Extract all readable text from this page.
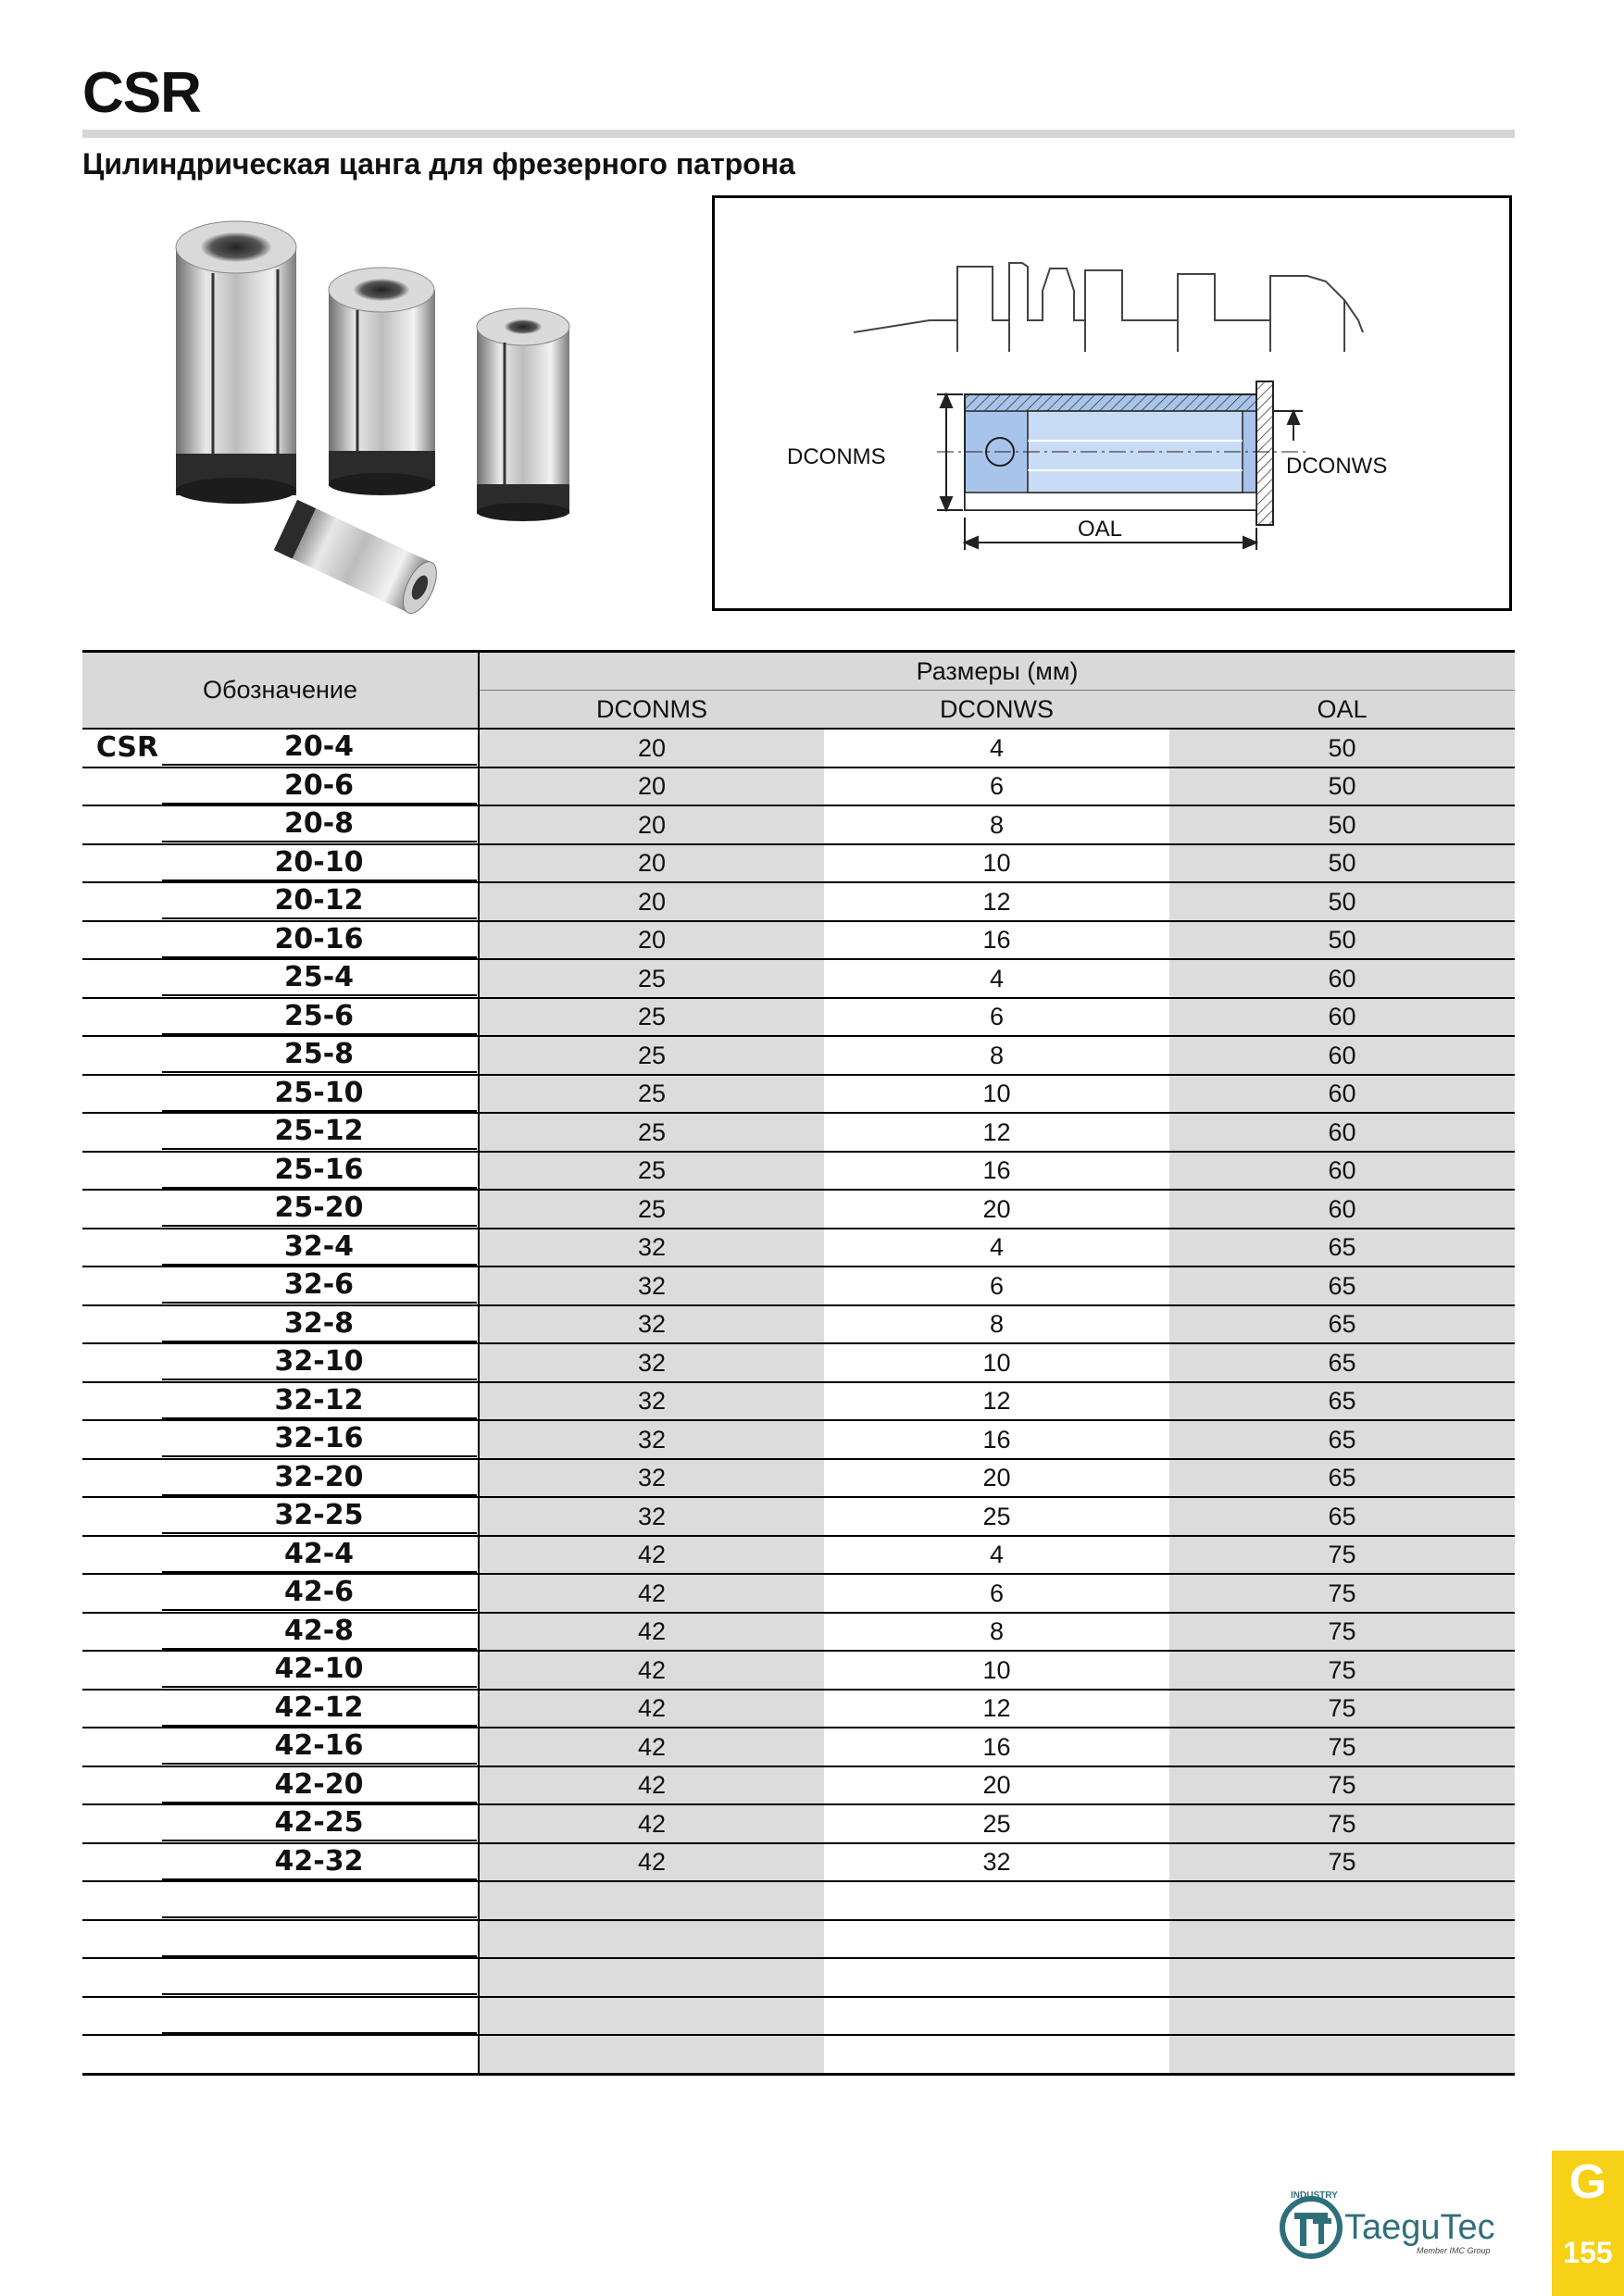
CSR
Цилиндрическая цанга для фрезерного патрона
DCONMS	DCONWS
OAL
Обозначение	Размеры (мм)		
	DCONMS	DCONWS	OAL
CSR 20-4	20	4	50
20-6	20	6	50
20-8	20	8	50
20-10	20	10	50
20-12	20	12	50
20-16	20	16	50
25-4	25	4	60
25-6	25	6	60
25-8	25	8	60
25-10	25	10	60
25-12	25	12	60
25-16	25	16	60
25-20	25	20	60
32-4	32	4	65
32-6	32	6	65
32-8	32	8	65
32-10	32	10	65
32-12	32	12	65
32-16	32	16	65
32-20	32	20	65
32-25	32	25	65
42-4	42	4	75
42-6	42	6	75
42-8	42	8	75
42-10	42	10	75
42-12	42	12	75
42-16	42	16	75
42-20	42	20	75
42-25	42	25	75
42-32	42	32	75

INDUSTRY
TaeguTec
Member IMC Group
G
155
